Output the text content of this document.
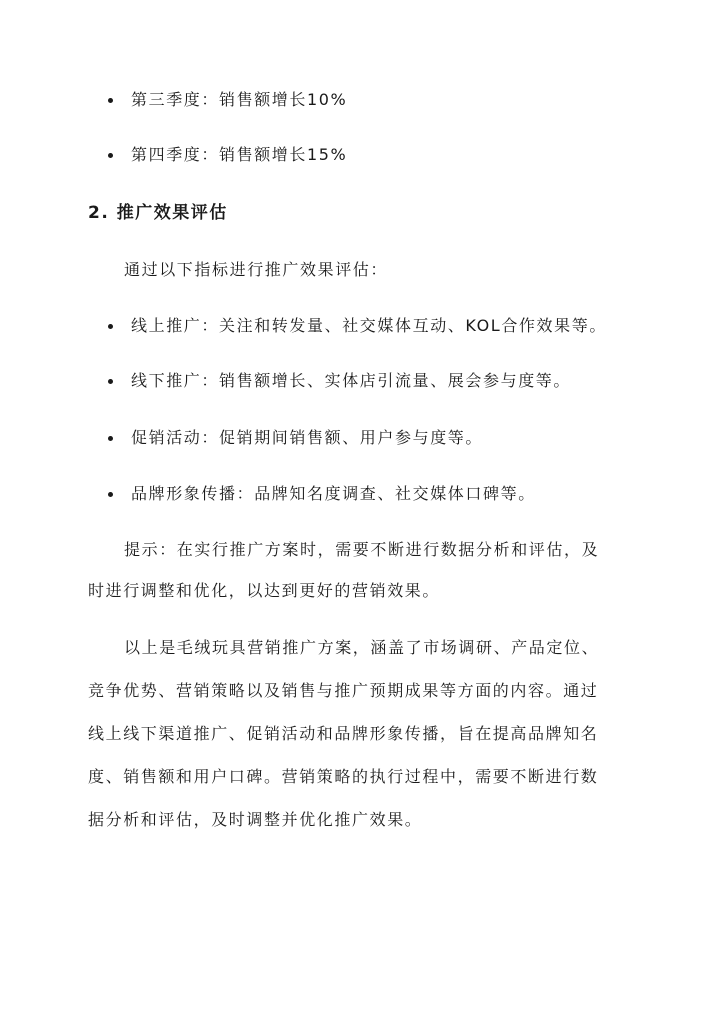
第三季度：销售额增长10%
第四季度：销售额增长15%
2. 推广效果评估
通过以下指标进行推广效果评估：
线上推广：关注和转发量、社交媒体互动、KOL合作效果等。
线下推广：销售额增长、实体店引流量、展会参与度等。
促销活动：促销期间销售额、用户参与度等。
品牌形象传播：品牌知名度调查、社交媒体口碑等。
提示：在实行推广方案时，需要不断进行数据分析和评估，及
时进行调整和优化，以达到更好的营销效果。
以上是毛绒玩具营销推广方案，涵盖了市场调研、产品定位、
竞争优势、营销策略以及销售与推广预期成果等方面的内容。通过
线上线下渠道推广、促销活动和品牌形象传播，旨在提高品牌知名
度、销售额和用户口碑。营销策略的执行过程中，需要不断进行数
据分析和评估，及时调整并优化推广效果。
